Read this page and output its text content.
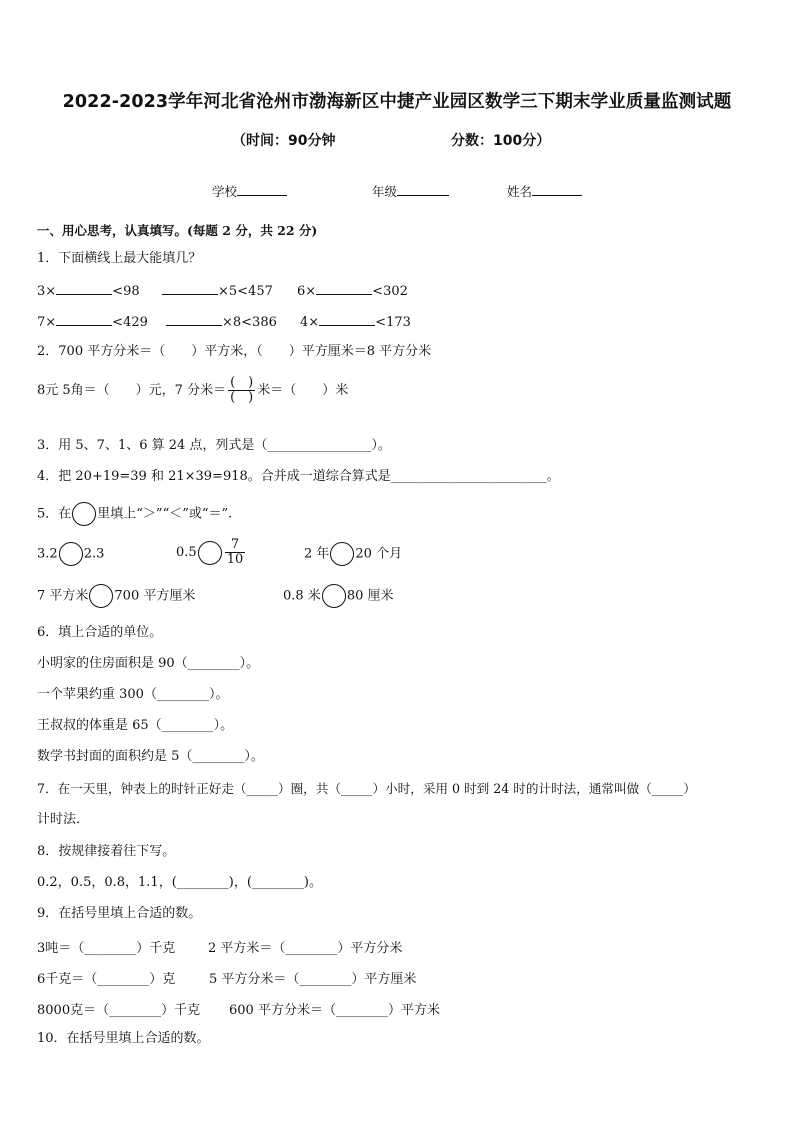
2022-2023学年河北省沧州市渤海新区中捷产业园区数学三下期末学业质量监测试题
（时间：90分钟	分数：100分）
学校	年级	姓名
一、用心思考，认真填写。(每题 2 分，共 22 分)
1．下面横线上最大能填几？
3×	<98	×5<457 6×	<302
7×	<429	×8<386 4×	<173
2．700 平方分米＝（　　）平方米，（　　）平方厘米＝8 平方分米
8元 5角＝（　　）元，7 分米＝ $\frac{( )}{( )}$ 米＝（　　）米
3．用 5、7、1、6 算 24 点，列式是（________________）。
4．把 20+19=39 和 21×39=918。合并成一道综合算式是________________________。
5．在 里填上“＞”“＜”或“＝”.
3.2 2.3	$0.5 \frac{7}{10}$	2 年 20 个月
7 平方米 700 平方厘米	0.8 米 80 厘米
6．填上合适的单位。
小明家的住房面积是 90（________）。
一个苹果约重 300（________）。
王叔叔的体重是 65（________）。
数学书封面的面积约是 5（________）。
7．在一天里，钟表上的时针正好走（_____）圈，共（_____）小时，采用 0 时到 24 时的计时法，通常叫做（_____）
计时法．
8．按规律接着往下写。
0.2，0.5，0.8，1.1，(________)，(________)。
9．在括号里填上合适的数。
3吨＝（________）千克	2 平方米＝（________）平方分米
6千克＝（________）克	5 平方分米＝（________）平方厘米
8000克＝（________）千克 600 平方分米＝（________）平方米
10．在括号里填上合适的数。
